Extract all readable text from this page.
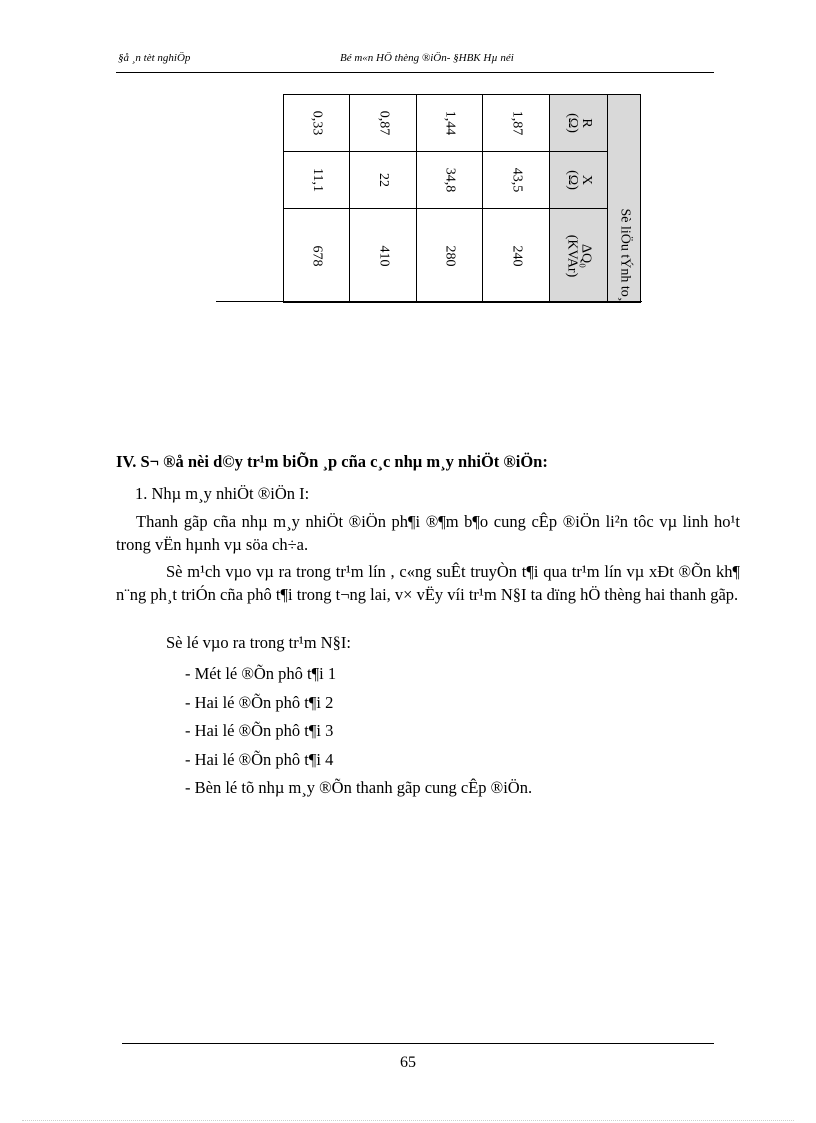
§å ¸n tèt nghiÖp	Bé m«n HÖ thèng ®iÖn- §HBK Hµ néi
0,33
11,1
678
0,87
22
410
1,44
34,8
280
1,87
43,5
240
R
(Ω)
X
(Ω)
ΔQ₀
(KVAr)	Sè liÖu tÝnh to¸
IV. S¬ ®å nèi d©y tr¹m biÕn ¸p cña c¸c nhµ m¸y nhiÖt ®iÖn:
1. Nhµ m¸y nhiÖt ®iÖn I:
Thanh gãp cña nhµ m¸y nhiÖt ®iÖn ph¶i ®¶m b¶o cung cÊp ®iÖn li²n tôc vµ linh ho¹t trong vËn hµnh vµ söa ch÷a.
Sè m¹ch vµo vµ ra trong tr¹m lín , c«ng suÊt truyÒn t¶i qua tr¹m lín vµ xÐt ®Õn kh¶ n¨ng ph¸t triÓn cña phô t¶i trong t¬ng lai, v× vËy víi tr¹m N§I ta dïng hÖ thèng hai thanh gãp.
Sè lé vµo ra trong tr¹m N§I:
- Mét lé ®Õn phô t¶i 1
- Hai lé ®Õn phô t¶i 2
- Hai lé ®Õn phô t¶i 3
- Hai lé ®Õn phô t¶i 4
- Bèn lé tõ nhµ m¸y ®Õn thanh gãp cung cÊp ®iÖn.
65
